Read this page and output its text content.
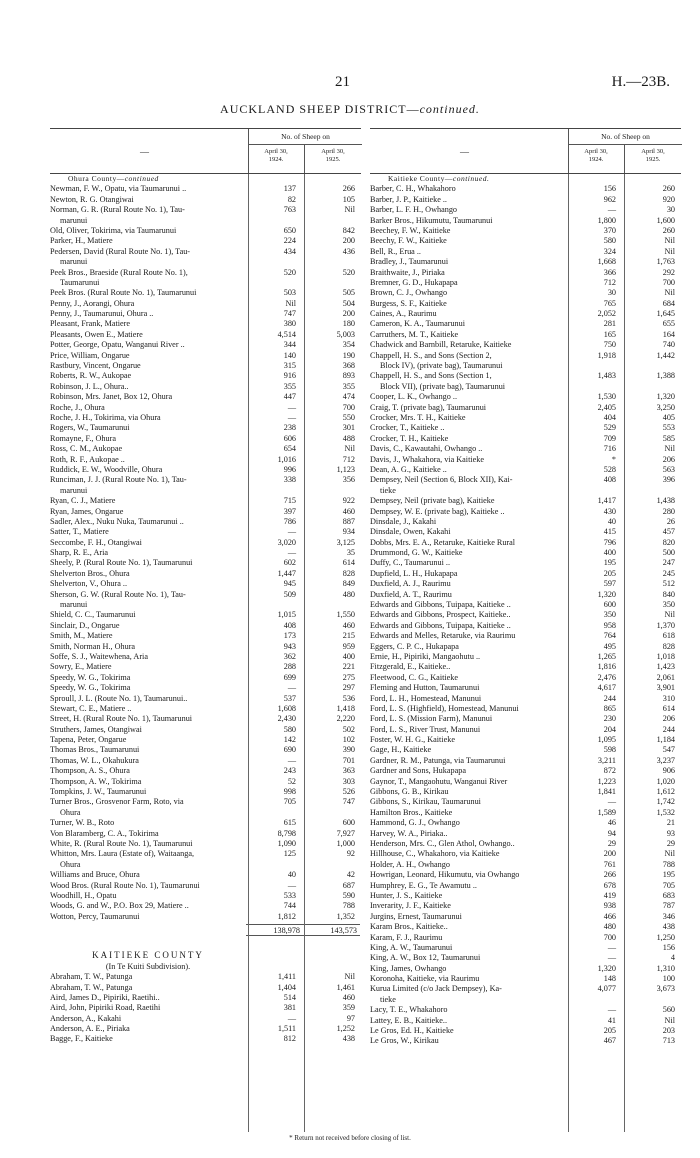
21	H.—23B.
AUCKLAND SHEEP DISTRICT—continued.
—
No. of Sheep on
April 30,
1924.
April 30,
1925.
Ohura County—continued
Newman, F. W., Opatu, via Taumarunui ..	137	266
Newton, R. G. Otangiwai	82	105
Norman, G. R. (Rural Route No. 1), Tau-	763	Nil
marunui
Old, Oliver, Tokirima, via Taumarunui	650	842
Parker, H., Matiere	224	200
Pedersen, David (Rural Route No. 1), Tau-	434	436
marunui
Peek Bros., Braeside (Rural Route No. 1),	520	520
Taumarunui
Peek Bros. (Rural Route No. 1), Taumarunui	503	505
Penny, J., Aorangi, Ohura	Nil	504
Penny, J., Taumarunui, Ohura ..	747	200
Pleasant, Frank, Matiere	380	180
Pleasants, Owen E., Matiere	4,514	5,003
Potter, George, Opatu, Wanganui River ..	344	354
Price, William, Ongarue	140	190
Rastbury, Vincent, Ongarue	315	368
Roberts, R. W., Aukopae	916	893
Robinson, J. L., Ohura..	355	355
Robinson, Mrs. Janet, Box 12, Ohura	447	474
Roche, J., Ohura	—	700
Roche, J. H., Tokirima, via Ohura	—	550
Rogers, W., Taumarunui	238	301
Romayne, F., Ohura	606	488
Ross, C. M., Aukopae	654	Nil
Roth, R. F., Aukopae ..	1,016	712
Ruddick, E. W., Woodville, Ohura	996	1,123
Runciman, J. J. (Rural Route No. 1), Tau-	338	356
marunui
Ryan, C. J., Matiere	715	922
Ryan, James, Ongarue	397	460
Sadler, Alex., Nuku Nuka, Taumarunui ..	786	887
Satter, T., Matiere	—	934
Seccombe, F. H., Otangiwai	3,020	3,125
Sharp, R. E., Aria	—	35
Sheely, P. (Rural Route No. 1), Taumarunui	602	614
Shelverton Bros., Ohura	1,447	828
Shelverton, V., Ohura ..	945	849
Sherson, G. W. (Rural Route No. 1), Tau-	509	480
marunui
Shield, C. C., Taumarunui	1,015	1,550
Sinclair, D., Ongarue	408	460
Smith, M., Matiere	173	215
Smith, Norman H., Ohura	943	959
Soffe, S. J., Waitewhena, Aria	362	400
Sowry, E., Matiere	288	221
Speedy, W. G., Tokirima	699	275
Speedy, W. G., Tokirima	—	297
Sproull, J. L. (Route No. 1), Taumarunui..	537	536
Stewart, C. E., Matiere ..	1,608	1,418
Street, H. (Rural Route No. 1), Taumarunui	2,430	2,220
Struthers, James, Otangiwai	580	502
Tapena, Peter, Ongarue	142	102
Thomas Bros., Taumarunui	690	390
Thomas, W. L., Okahukura	—	701
Thompson, A. S., Ohura	243	363
Thompson, A. W., Tokirima	52	303
Tompkins, J. W., Taumarunui	998	526
Turner Bros., Grosvenor Farm, Roto, via	705	747
Ohura
Turner, W. B., Roto	615	600
Von Blaramberg, C. A., Tokirima	8,798	7,927
White, R. (Rural Route No. 1), Taumarunui	1,090	1,000
Whitton, Mrs. Laura (Estate of), Waitaanga,	125	92
Ohura
Williams and Bruce, Ohura	40	42
Wood Bros. (Rural Route No. 1), Taumarunui	—	687
Woodhill, H., Opatu	533	590
Woods, G. and W., P.O. Box 29, Matiere ..	744	788
Wotton, Percy, Taumarunui	1,812	1,352
138,978	143,573
KAITIEKE COUNTY
(In Te Kuiti Subdivision).
Abraham, T. W., Patunga	1,411	Nil
Abraham, T. W., Patunga	1,404	1,461
Aird, James D., Pipiriki, Raetihi..	514	460
Aird, John, Pipiriki Road, Raetihi	381	359
Anderson, A., Kakahi	—	97
Anderson, A. E., Piriaka	1,511	1,252
Bagge, F., Kaitieke	812	438
—
No. of Sheep on
April 30,
1924.
April 30,
1925.
Kaitieke County—continued.
Barber, C. H., Whakahoro	156	260
Barber, J. P., Kaitieke ..	962	920
Barber, L. F. H., Owhango	—	30
Barker Bros., Hikumutu, Taumarunui	1,800	1,600
Beechey, F. W., Kaitieke	370	260
Beechy, F. W., Kaitieke	580	Nil
Bell, R., Erua ..	324	Nil
Bradley, J., Taumarunui	1,668	1,763
Braithwaite, J., Piriaka	366	292
Bremner, G. D., Hukapapa	712	700
Brown, C. J., Owhango	30	Nil
Burgess, S. F., Kaitieke	765	684
Caines, A., Raurimu	2,052	1,645
Cameron, K. A., Taumarunui	281	655
Carruthers, M. T., Kaitieke	165	164
Chadwick and Barnbill, Retaruke, Kaitieke	750	740
Chappell, H. S., and Sons (Section 2,	1,918	1,442
Block IV), (private bag), Taumarunui
Chappell, H. S., and Sons (Section 1,	1,483	1,388
Block VII), (private bag), Taumarunui
Cooper, L. K., Owhango ..	1,530	1,320
Craig, T. (private bag), Taumarunui	2,405	3,250
Crocker, Mrs. T. H., Kaitieke	404	405
Crocker, T., Kaitieke ..	529	553
Crocker, T. H., Kaitieke	709	585
Davis, C., Kawautahi, Owhango ..	716	Nil
Davis, J., Whakahora, via Kaitieke	*	206
Dean, A. G., Kaitieke ..	528	563
Dempsey, Neil (Section 6, Block XII), Kai-	408	396
tieke
Dempsey, Neil (private bag), Kaitieke	1,417	1,438
Dempsey, W. E. (private bag), Kaitieke ..	430	280
Dinsdale, J., Kakahi	40	26
Dinsdale, Owen, Kakahi	415	457
Dobbs, Mrs. E. A., Retaruke, Kaitieke Rural	796	820
Drummond, G. W., Kaitieke	400	500
Duffy, C., Taumarunui ..	195	247
Dupfield, L. H., Hukapapa	205	245
Duxfield, A. J., Raurimu	597	512
Duxfield, A. T., Raurimu	1,320	840
Edwards and Gibbons, Tuipapa, Kaitieke ..	600	350
Edwards and Gibbons, Prospect, Kaitieke..	350	Nil
Edwards and Gibbons, Tuipapa, Kaitieke ..	958	1,370
Edwards and Melles, Retaruke, via Raurimu	764	618
Eggers, C. P. C., Hukapapa	495	828
Ernie, H., Pipiriki, Mangaohutu ..	1,265	1,018
Fitzgerald, E., Kaitieke..	1,816	1,423
Fleetwood, C. G., Kaitieke	2,476	2,061
Fleming and Hutton, Taumarunui	4,617	3,901
Ford, L. H., Homestead, Manunui	244	310
Ford, L. S. (Highfield), Homestead, Manunui	865	614
Ford, L. S. (Mission Farm), Manunui	230	206
Ford, L. S., River Trust, Manunui	204	244
Foster, W. H. G., Kaitieke	1,095	1,184
Gage, H., Kaitieke	598	547
Gardner, R. M., Patunga, via Taumarunui	3,211	3,237
Gardner and Sons, Hukapapa	872	906
Gaynor, T., Mangaohutu, Wanganui River	1,223	1,020
Gibbons, G. B., Kirikau	1,841	1,612
Gibbons, S., Kirikau, Taumarunui	—	1,742
Hamilton Bros., Kaitieke	1,589	1,532
Hammond, G. J., Owhango	46	21
Harvey, W. A., Piriaka..	94	93
Henderson, Mrs. C., Glen Athol, Owhango..	29	29
Hillhouse, C., Whakahoro, via Kaitieke	200	Nil
Holder, A. H., Owhango	761	788
Howrigan, Leonard, Hikumutu, via Owhango	266	195
Humphrey, E. G., Te Awamutu ..	678	705
Hunter, J. S., Kaitieke	419	683
Inverarity, J. F., Kaitieke	938	787
Jurgins, Ernest, Taumarunui	466	346
Karam Bros., Kaitieke..	480	438
Karam, F. J., Raurimu	700	1,250
King, A. W., Taumarunui	—	156
King, A. W., Box 12, Taumarunui	—	4
King, James, Owhango	1,320	1,310
Koronoha, Kaitieke, via Raurimu	148	100
Kurua Limited (c/o Jack Dempsey), Ka-	4,077	3,673
tieke
Lacy, T. E., Whakahoro	—	560
Lattey, E. B., Kaitieke..	41	Nil
Le Gros, Ed. H., Kaitieke	205	203
Le Gros, W., Kirikau	467	713
* Return not received before closing of list.
